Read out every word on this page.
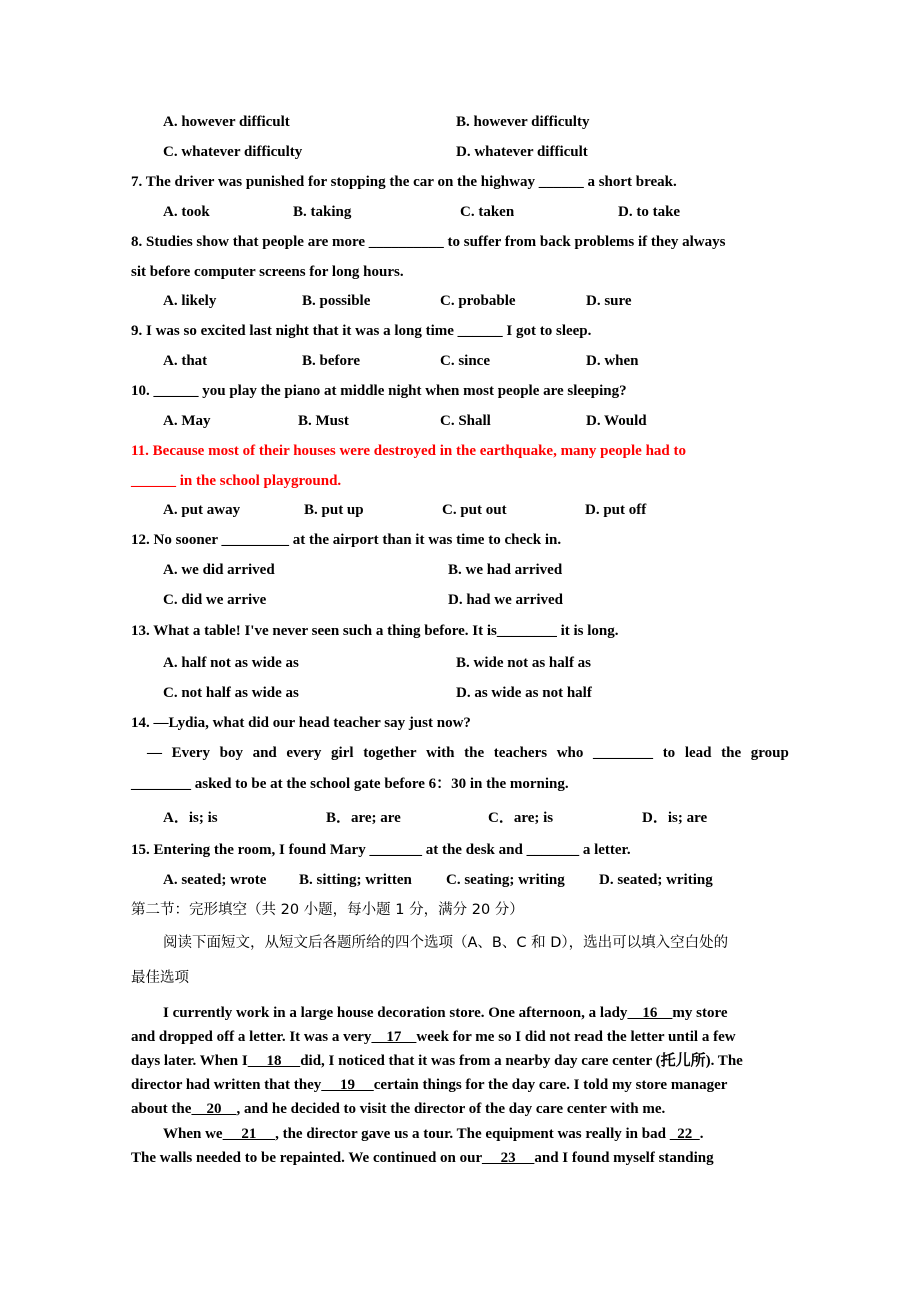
A. however difficult	B. however difficulty
C. whatever difficulty	D. whatever difficult
7. The driver was punished for stopping the car on the highway ______ a short break.
A. took	B. taking	C. taken	D. to take
8. Studies show that people are more __________ to suffer from back problems if they always
sit before computer screens for long hours.
A. likely	B. possible	C. probable	D. sure
9. I was so excited last night that it was a long time ______ I got to sleep.
A. that	B. before	C. since	D. when
10. ______ you play the piano at middle night when most people are sleeping?
A. May	B. Must	C. Shall	D. Would
11. Because most of their houses were destroyed in the earthquake, many people had to
______ in the school playground.
A. put away	B. put up	C. put out	D. put off
12. No sooner _________ at the airport than it was time to check in.
A. we did arrived	B. we had arrived
C. did we arrive	D. had we arrived
13. What a table! I've never seen such a thing before. It is________ it is long.
A. half not as wide as	B. wide not as half as
C. not half as wide as	D. as wide as not half
14. —Lydia, what did our head teacher say just now?
— Every boy and every girl together with the teachers who ________ to lead the group
________ asked to be at the school gate before 6：30 in the morning.
A．is; is	B．are; are	C．are; is	D．is; are
15. Entering the room, I found Mary _______ at the desk and _______ a letter.
A. seated; wrote B. sitting; written C. seating; writing D. seated; writing
第二节：完形填空（共 20 小题，每小题 1 分，满分 20 分）
阅读下面短文，从短文后各题所给的四个选项（A、B、C 和 D），选出可以填入空白处的
最佳选项
I currently work in a large house decoration store. One afternoon, a lady    16    my store
and dropped off a letter. It was a very    17    week for me so I did not read the letter until a few
days later. When I     18     did, I noticed that it was from a nearby day care center (托儿所). The
director had written that they     19     certain things for the day care. I told my store manager
about the    20    , and he decided to visit the director of the day care center with me.
When we     21     , the director gave us a tour. The equipment was really in bad   22  .
The walls needed to be repainted. We continued on our     23     and I found myself standing
